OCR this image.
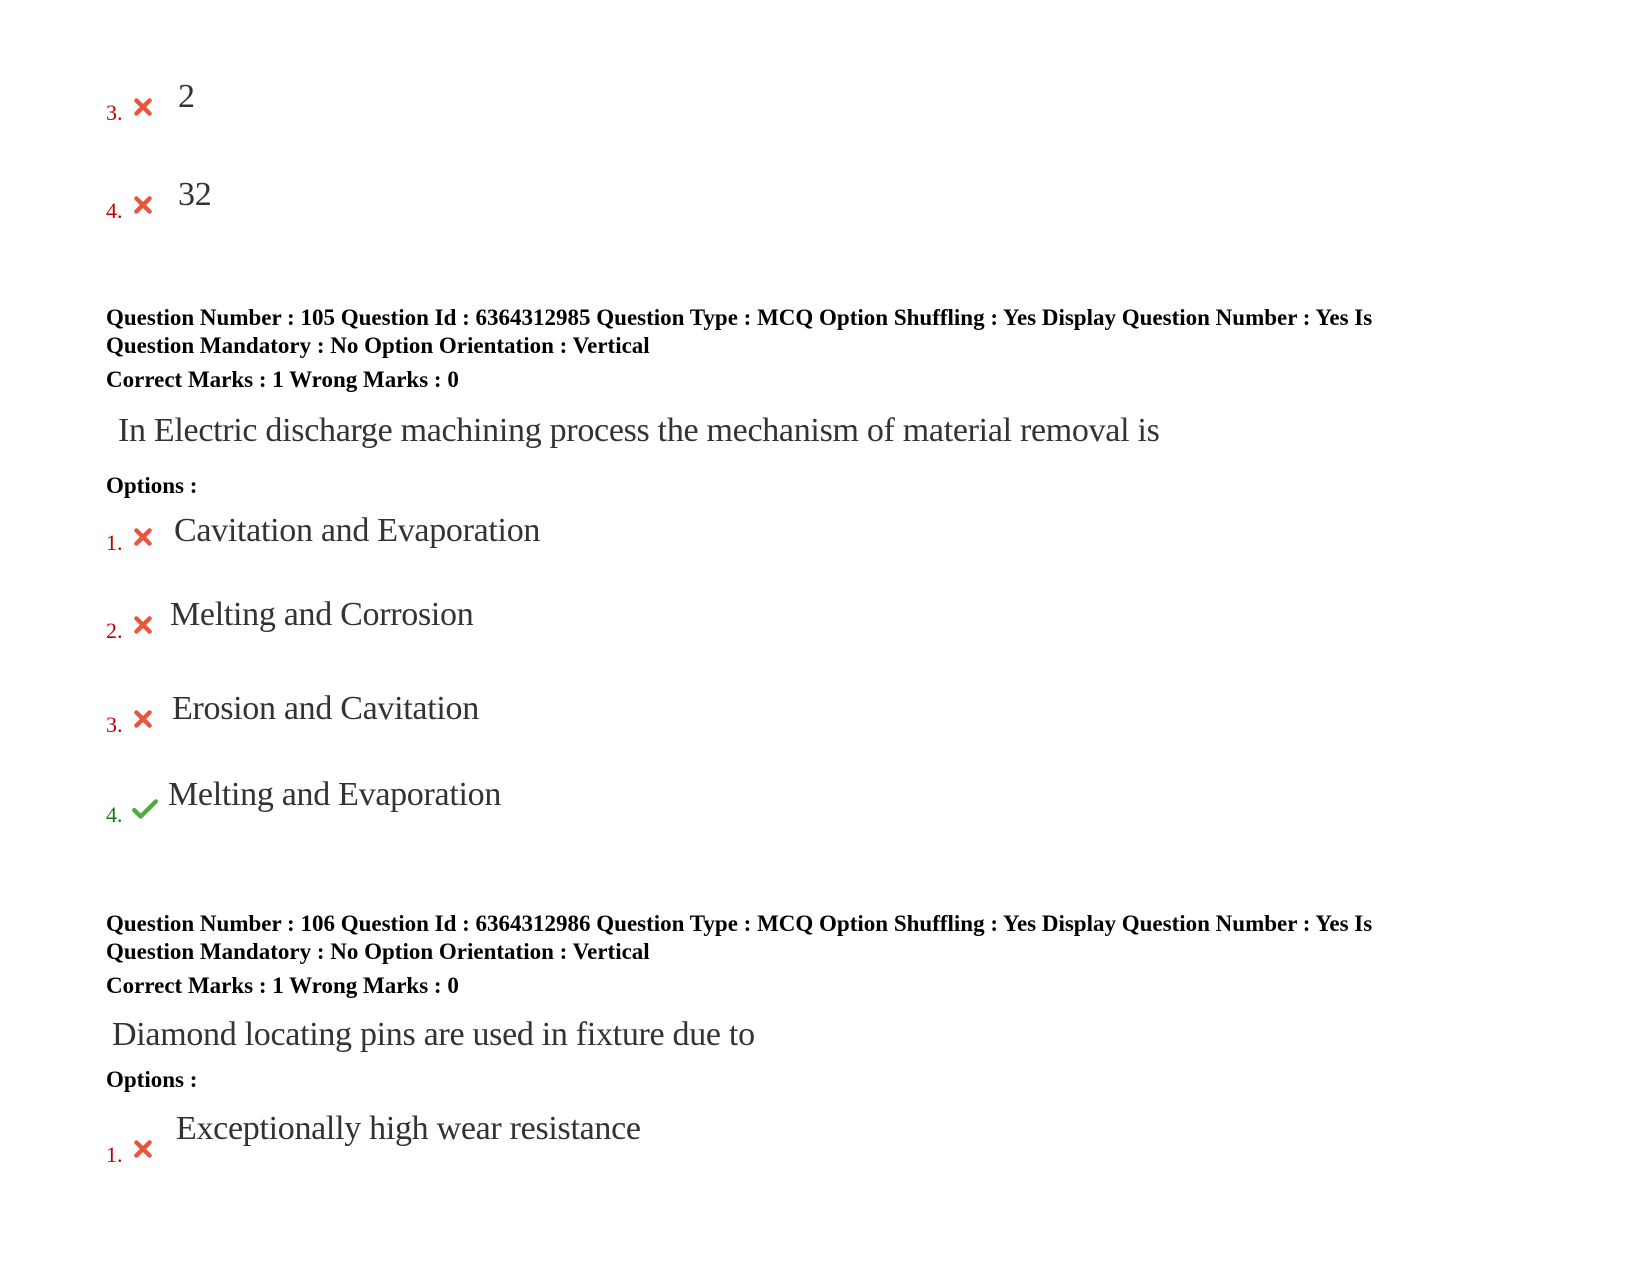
3. 2
4. 32
Question Number : 105 Question Id : 6364312985 Question Type : MCQ Option Shuffling : Yes Display Question Number : Yes Is
Question Mandatory : No Option Orientation : Vertical
Correct Marks : 1 Wrong Marks : 0
In Electric discharge machining process the mechanism of material removal is
Options :
1. Cavitation and Evaporation
2. Melting and Corrosion
3. Erosion and Cavitation
4.
Melting and Evaporation
Question Number : 106 Question Id : 6364312986 Question Type : MCQ Option Shuffling : Yes Display Question Number : Yes Is
Question Mandatory : No Option Orientation : Vertical
Correct Marks : 1 Wrong Marks : 0
Diamond locating pins are used in fixture due to
Options :
1.
Exceptionally high wear resistance
